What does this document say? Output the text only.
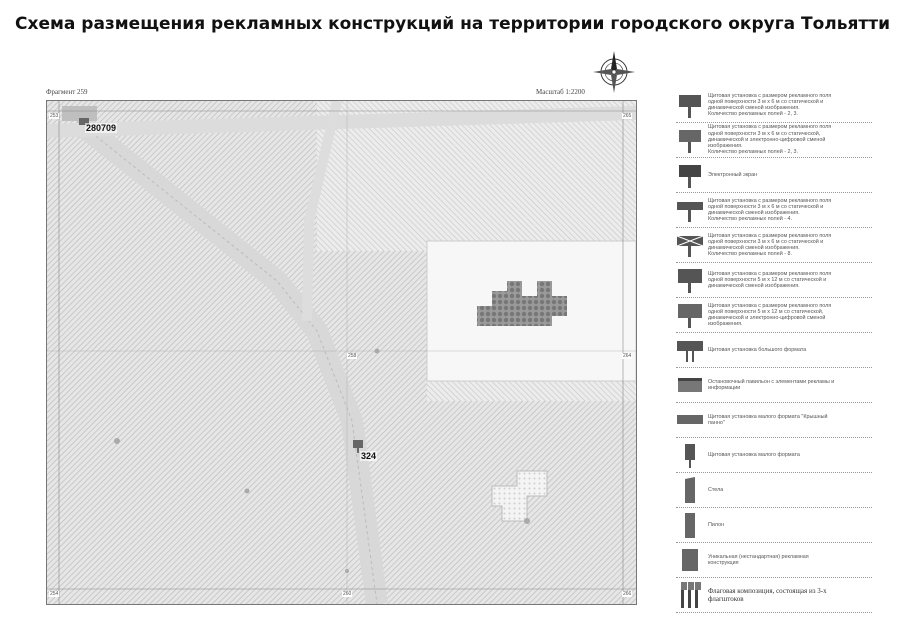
Схема размещения рекламных конструкций на территории городского округа Тольятти
Фрагмент 259	Масштаб 1:2200
280709
324
253	265
258	264
254	260	266
Щитовая установка с размером рекламного поля
одной поверхности 3 м х 6 м со статической и
динамической сменой изображения.
Количество рекламных полей - 2, 3.
Щитовая установка с размером рекламного поля
одной поверхности 3 м х 6 м со статической,
динамической и электронно-цифровой сменой
изображения.
Количество рекламных полей - 2, 3.
Электронный экран
Щитовая установка с размером рекламного поля
одной поверхности 3 м х 6 м со статической и
динамической сменой изображения.
Количество рекламных полей - 4.
Щитовая установка с размером рекламного поля
одной поверхности 3 м х 6 м со статической и
динамической сменой изображения.
Количество рекламных полей - 8.
Щитовая установка с размером рекламного поля
одной поверхности 5 м х 12 м со статической и
динамической сменой изображения.
Щитовая установка с размером рекламного поля
одной поверхности 5 м х 12 м со статической,
динамической и электронно-цифровой сменой
изображения.
Щитовая установка большого формата
Остановочный павильон с элементами рекламы и
информации
Щитовая установка малого формата "Крышный
панно"
Щитовая установка малого формата
Стела
Пилон
Уникальная (нестандартная) рекламная
конструкция
Флаговая композиция, состоящая из 3-х
флагштоков
